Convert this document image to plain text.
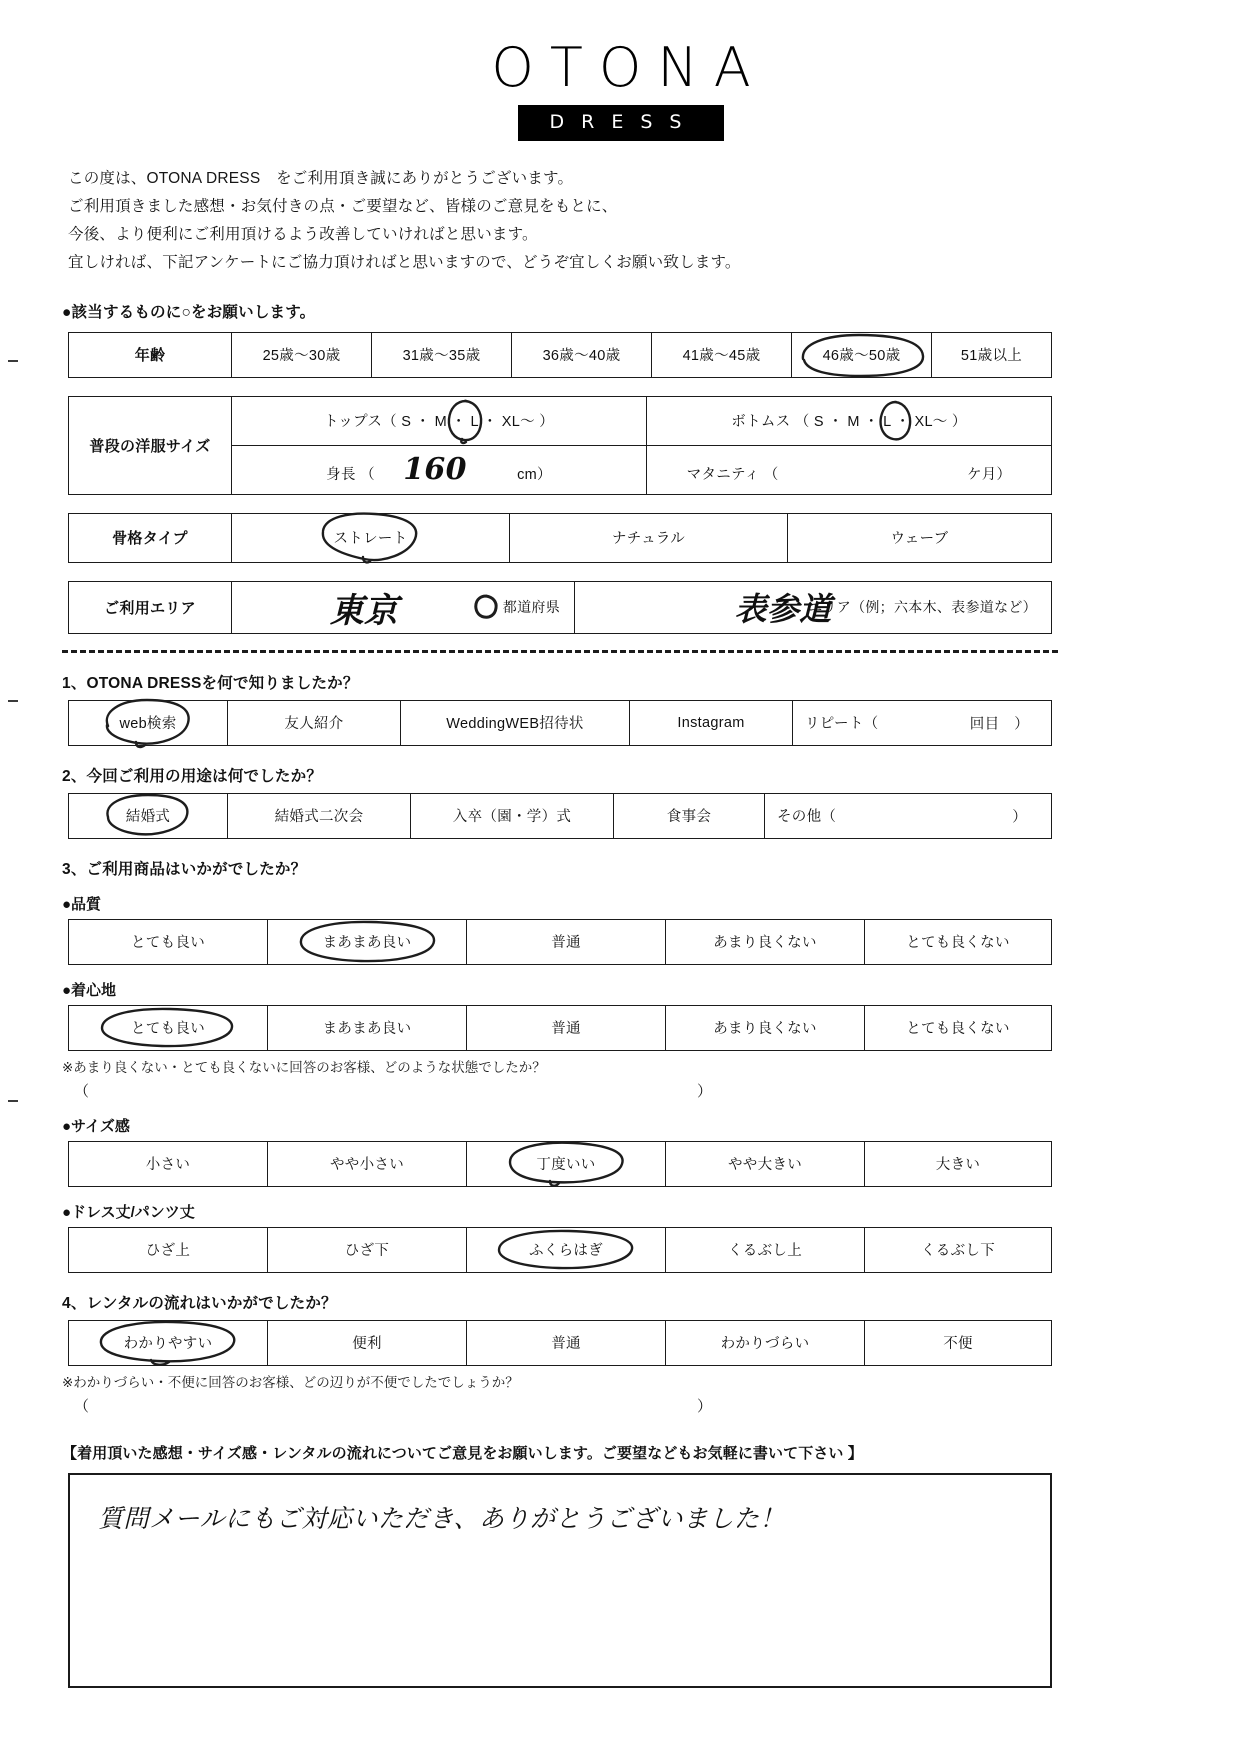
OTONA
DRESS
この度は、OTONA DRESS　をご利用頂き誠にありがとうございます。
ご利用頂きました感想・お気付きの点・ご要望など、皆様のご意見をもとに、
今後、より便利にご利用頂けるよう改善していければと思います。
宜しければ、下記アンケートにご協力頂ければと思いますので、どうぞ宜しくお願い致します。
●該当するものに○をお願いします。
年齢	25歳〜30歳	31歳〜35歳	36歳〜40歳	41歳〜45歳	46歳〜50歳	51歳以上
普段の洋服サイズ	トップス（ S ・ M ・ L ・ XL〜 ）	ボトムス （ S ・ M ・ L ・ XL〜 ）

	身長 （ 160 cm）	マタニティ （ ケ月）
骨格タイプ	ストレート	ナチュラル	ウェーブ
ご利用エリア	東京	都道府県	表参道
エリア（例；六本木、表参道など）
1、OTONA DRESSを何で知りましたか？
web検索	友人紹介	WeddingWEB招待状	Instagram	リピート（	回目　）
2、今回ご利用の用途は何でしたか？
結婚式	結婚式二次会	入卒（園・学）式	食事会	その他（	）
3、ご利用商品はいかがでしたか？
●品質
とても良い	まあまあ良い	普通	あまり良くない	とても良くない
●着心地
とても良い	まあまあ良い	普通	あまり良くない	とても良くない
※あまり良くない・とても良くないに回答のお客様、どのような状態でしたか？
（	）
●サイズ感
小さい	やや小さい	丁度いい	やや大きい	大きい
●ドレス丈/パンツ丈
ひざ上	ひざ下	ふくらはぎ	くるぶし上	くるぶし下
4、レンタルの流れはいかがでしたか？
わかりやすい	便利	普通	わかりづらい	不便
※わかりづらい・不便に回答のお客様、どの辺りが不便でしたでしょうか？
（	）
【着用頂いた感想・サイズ感・レンタルの流れについてご意見をお願いします。ご要望などもお気軽に書いて下さい 】
質問メールにもご対応いただき、ありがとうございました！
